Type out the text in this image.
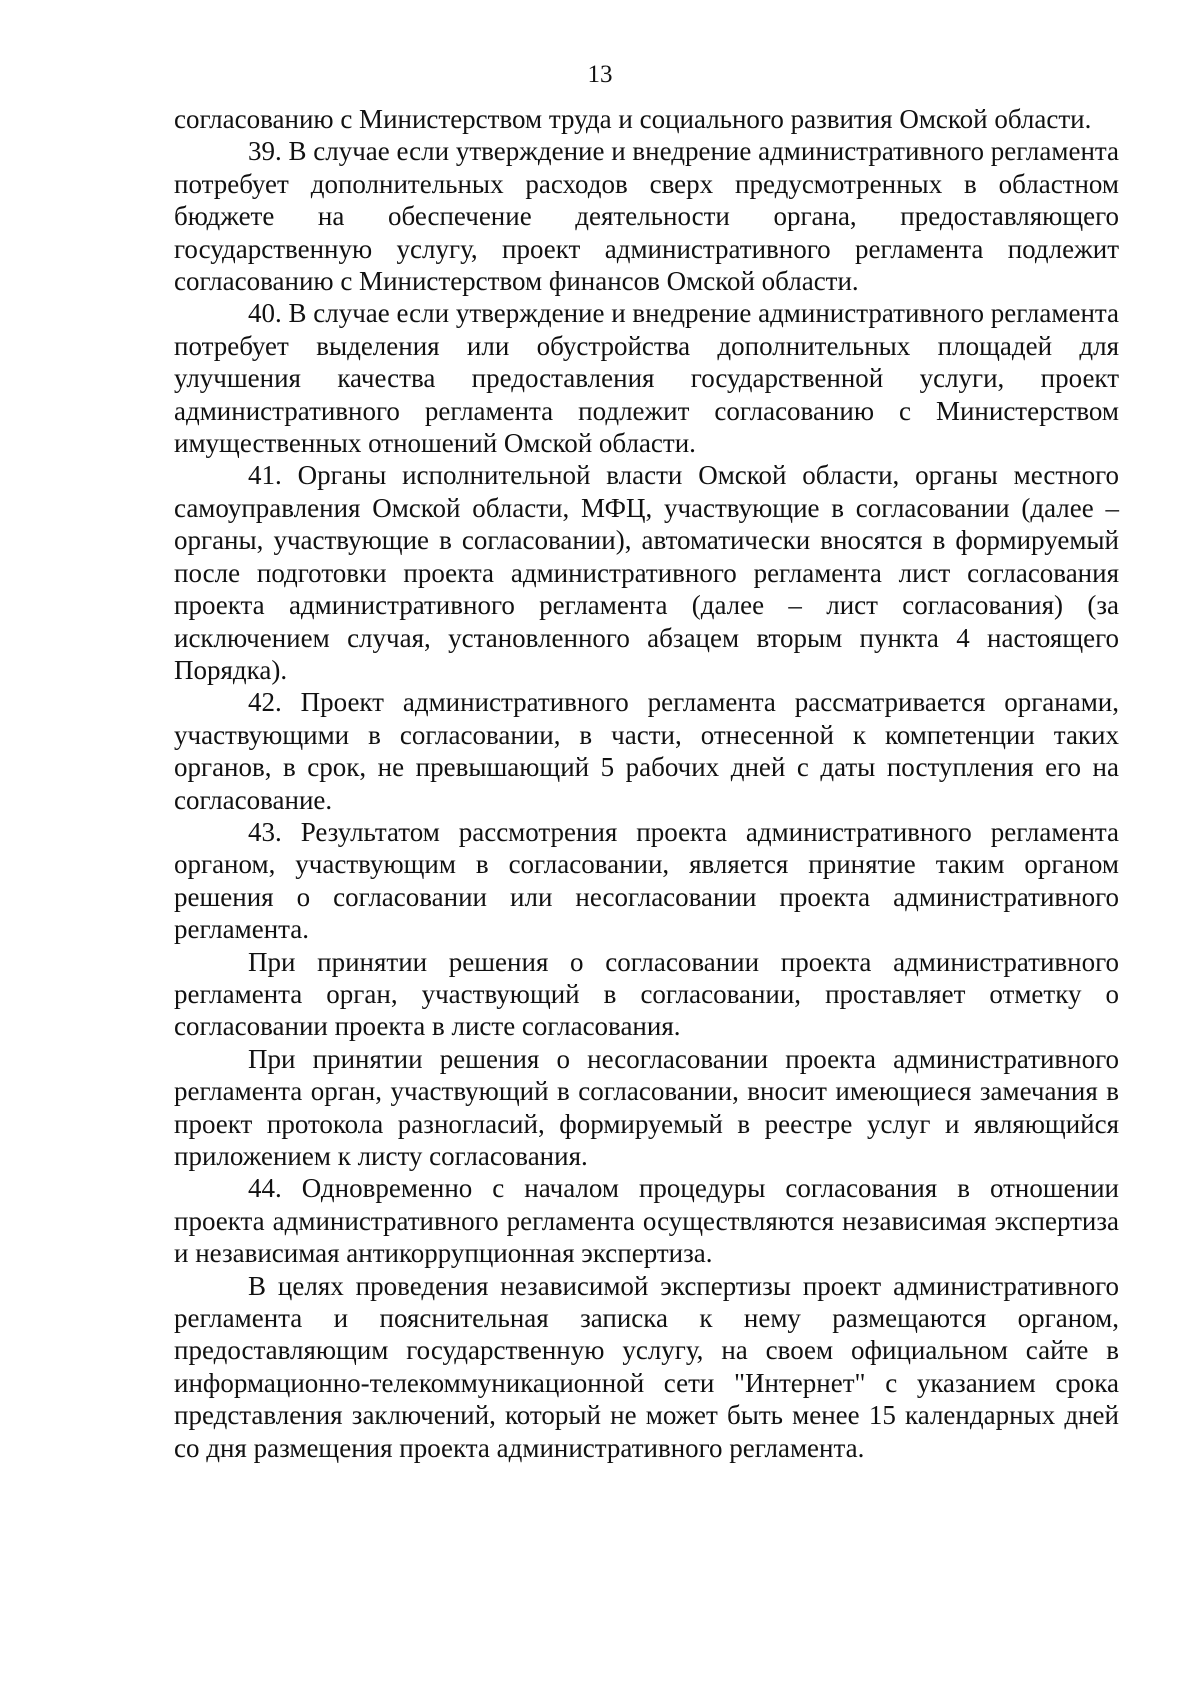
13

согласованию с Министерством труда и социального развития Омской области.

39. В случае если утверждение и внедрение административного регламента потребует дополнительных расходов сверх предусмотренных в областном бюджете на обеспечение деятельности органа, предоставляющего государственную услугу, проект административного регламента подлежит согласованию с Министерством финансов Омской области.

40. В случае если утверждение и внедрение административного регламента потребует выделения или обустройства дополнительных площадей для улучшения качества предоставления государственной услуги, проект административного регламента подлежит согласованию с Министерством имущественных отношений Омской области.

41. Органы исполнительной власти Омской области, органы местного самоуправления Омской области, МФЦ, участвующие в согласовании (далее – органы, участвующие в согласовании), автоматически вносятся в формируемый после подготовки проекта административного регламента лист согласования проекта административного регламента (далее – лист согласования) (за исключением случая, установленного абзацем вторым пункта 4 настоящего Порядка).

42. Проект административного регламента рассматривается органами, участвующими в согласовании, в части, отнесенной к компетенции таких органов, в срок, не превышающий 5 рабочих дней с даты поступления его на согласование.

43. Результатом рассмотрения проекта административного регламента органом, участвующим в согласовании, является принятие таким органом решения о согласовании или несогласовании проекта административного регламента.

При принятии решения о согласовании проекта административного регламента орган, участвующий в согласовании, проставляет отметку о согласовании проекта в листе согласования.

При принятии решения о несогласовании проекта административного регламента орган, участвующий в согласовании, вносит имеющиеся замечания в проект протокола разногласий, формируемый в реестре услуг и являющийся приложением к листу согласования.

44. Одновременно с началом процедуры согласования в отношении проекта административного регламента осуществляются независимая экспертиза и независимая антикоррупционная экспертиза.

В целях проведения независимой экспертизы проект административного регламента и пояснительная записка к нему размещаются органом, предоставляющим государственную услугу, на своем официальном сайте в информационно-телекоммуникационной сети "Интернет" с указанием срока представления заключений, который не может быть менее 15 календарных дней со дня размещения проекта административного регламента.
